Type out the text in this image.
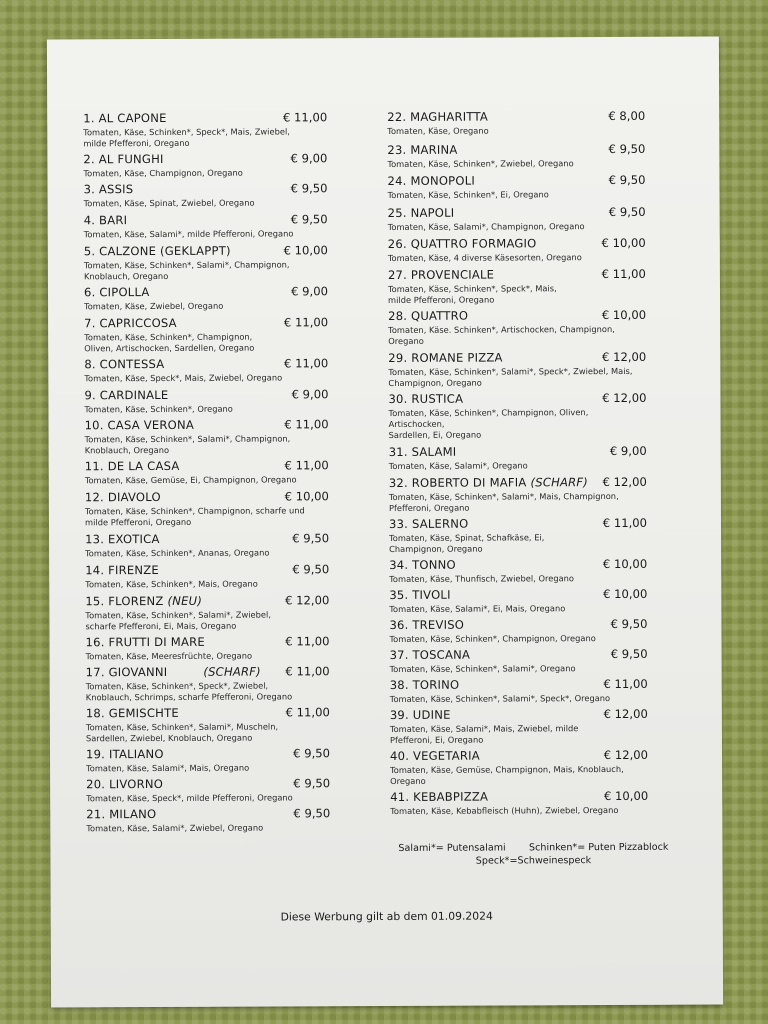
1. AL CAPONE	€ 11,00
Tomaten, Käse, Schinken*, Speck*, Mais, Zwiebel,
milde Pfefferoni, Oregano
2. AL FUNGHI	€ 9,00
Tomaten, Käse, Champignon, Oregano
3. ASSIS	€ 9,50
Tomaten, Käse, Spinat, Zwiebel, Oregano
4. BARI	€ 9,50
Tomaten, Käse, Salami*, milde Pfefferoni, Oregano
5. CALZONE (GEKLAPPT)	€ 10,00
Tomaten, Käse, Schinken*, Salami*, Champignon,
Knoblauch, Oregano
6. CIPOLLA	€ 9,00
Tomaten, Käse, Zwiebel, Oregano
7. CAPRICCOSA	€ 11,00
Tomaten, Käse, Schinken*, Champignon,
Oliven, Artischocken, Sardellen, Oregano
8. CONTESSA	€ 11,00
Tomaten, Käse, Speck*, Mais, Zwiebel, Oregano
9. CARDINALE	€ 9,00
Tomaten, Käse, Schinken*, Oregano
10. CASA VERONA	€ 11,00
Tomaten, Käse, Schinken*, Salami*, Champignon,
Knoblauch, Oregano
11. DE LA CASA	€ 11,00
Tomaten, Käse, Gemüse, Ei, Champignon, Oregano
12. DIAVOLO	€ 10,00
Tomaten, Käse, Schinken*, Champignon, scharfe und
milde Pfefferoni, Oregano
13. EXOTICA	€ 9,50
Tomaten, Käse, Schinken*, Ananas, Oregano
14. FIRENZE	€ 9,50
Tomaten, Käse, Schinken*, Mais, Oregano
15. FLORENZ (NEU)	€ 12,00
Tomaten, Käse, Schinken*, Salami*, Zwiebel,
scharfe Pfefferoni, Ei, Mais, Oregano
16. FRUTTI DI MARE	€ 11,00
Tomaten, Käse, Meeresfrüchte, Oregano
17. GIOVANNI	(SCHARF) € 11,00
Tomaten, Käse, Schinken*, Speck*, Zwiebel,
Knoblauch, Schrimps, scharfe Pfefferoni, Oregano
18. GEMISCHTE	€ 11,00
Tomaten, Käse, Schinken*, Salami*, Muscheln,
Sardellen, Zwiebel, Knoblauch, Oregano
19. ITALIANO	€ 9,50
Tomaten, Käse, Salami*, Mais, Oregano
20. LIVORNO	€ 9,50
Tomaten, Käse, Speck*, milde Pfefferoni, Oregano
21. MILANO	€ 9,50
Tomaten, Käse, Salami*, Zwiebel, Oregano
22. MAGHARITTA	€ 8,00
Tomaten, Käse, Oregano
23. MARINA	€ 9,50
Tomaten, Käse, Schinken*, Zwiebel, Oregano
24. MONOPOLI	€ 9,50
Tomaten, Käse, Schinken*, Ei, Oregano
25. NAPOLI	€ 9,50
Tomaten, Käse, Salami*, Champignon, Oregano
26. QUATTRO FORMAGIO	€ 10,00
Tomaten, Käse, 4 diverse Käsesorten, Oregano
27. PROVENCIALE	€ 11,00
Tomaten, Käse, Schinken*, Speck*, Mais,
milde Pfefferoni, Oregano
28. QUATTRO	€ 10,00
Tomaten, Käse. Schinken*, Artischocken, Champignon, Oregano
29. ROMANE PIZZA	€ 12,00
Tomaten, Käse, Schinken*, Salami*, Speck*, Zwiebel, Mais,
Champignon, Oregano
30. RUSTICA	€ 12,00
Tomaten, Käse, Schinken*, Champignon, Oliven, Artischocken,
Sardellen, Ei, Oregano
31. SALAMI	€ 9,00
Tomaten, Käse, Salami*, Oregano
32. ROBERTO DI MAFIA (SCHARF) € 12,00
Tomaten, Käse, Schinken*, Salami*, Mais, Champignon,
Pfefferoni, Oregano
33. SALERNO	€ 11,00
Tomaten, Käse, Spinat, Schafkäse, Ei,
Champignon, Oregano
34. TONNO	€ 10,00
Tomaten, Käse, Thunfisch, Zwiebel, Oregano
35. TIVOLI	€ 10,00
Tomaten, Käse, Salami*, Ei, Mais, Oregano
36. TREVISO	€ 9,50
Tomaten, Käse, Schinken*, Champignon, Oregano
37. TOSCANA	€ 9,50
Tomaten, Käse, Schinken*, Salami*, Oregano
38. TORINO	€ 11,00
Tomaten, Käse, Schinken*, Salami*, Speck*, Oregano
39. UDINE	€ 12,00
Tomaten, Käse, Salami*, Mais, Zwiebel, milde
Pfefferoni, Ei, Oregano
40. VEGETARIA	€ 12,00
Tomaten, Käse, Gemüse, Champignon, Mais, Knoblauch, Oregano
41. KEBABPIZZA	€ 10,00
Tomaten, Käse, Kebabfleisch (Huhn), Zwiebel, Oregano
Salami*= Putensalami Schinken*= Puten Pizzablock
Speck*=Schweinespeck
Diese Werbung gilt ab dem 01.09.2024
